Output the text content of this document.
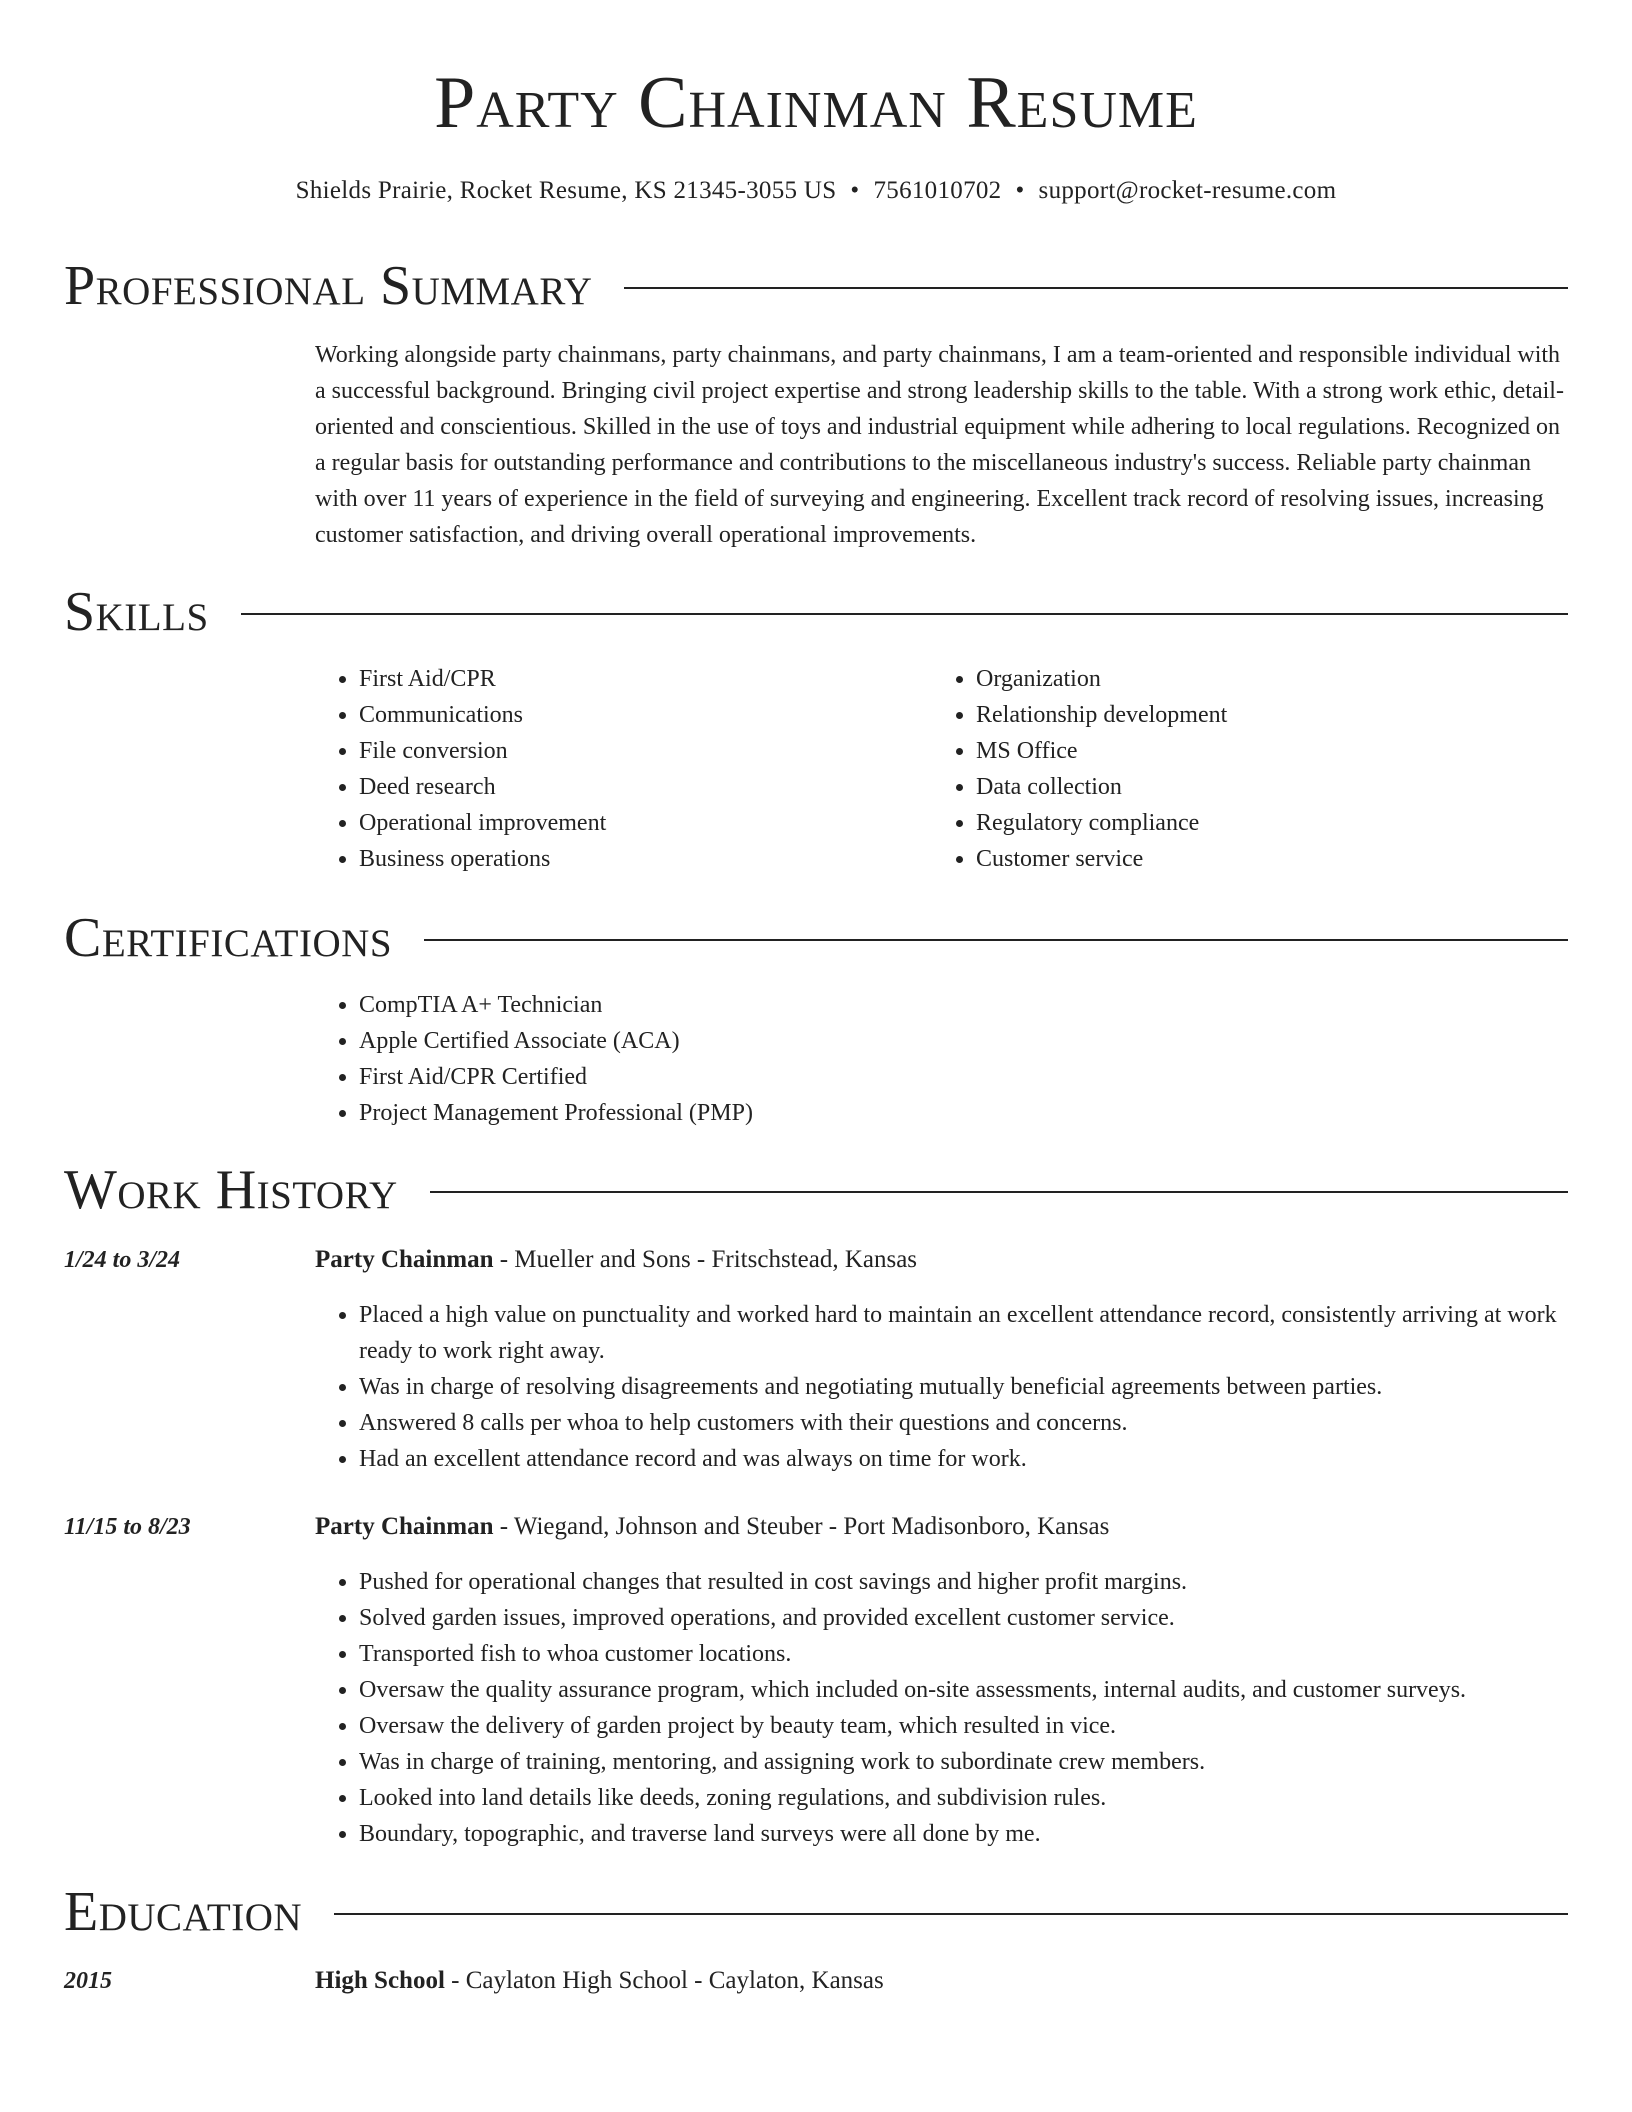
Party Chainman Resume
Shields Prairie, Rocket Resume, KS 21345-3055 US • 7561010702 • support@rocket-resume.com
Professional Summary
Working alongside party chainmans, party chainmans, and party chainmans, I am a team-oriented and responsible individual with a successful background. Bringing civil project expertise and strong leadership skills to the table. With a strong work ethic, detail-oriented and conscientious. Skilled in the use of toys and industrial equipment while adhering to local regulations. Recognized on a regular basis for outstanding performance and contributions to the miscellaneous industry's success. Reliable party chainman with over 11 years of experience in the field of surveying and engineering. Excellent track record of resolving issues, increasing customer satisfaction, and driving overall operational improvements.
Skills
• First Aid/CPR
• Communications
• File conversion
• Deed research
• Operational improvement
• Business operations
• Organization
• Relationship development
• MS Office
• Data collection
• Regulatory compliance
• Customer service
Certifications
• CompTIA A+ Technician
• Apple Certified Associate (ACA)
• First Aid/CPR Certified
• Project Management Professional (PMP)
Work History
1/24 to 3/24	Party Chainman - Mueller and Sons - Fritschstead, Kansas
• Placed a high value on punctuality and worked hard to maintain an excellent attendance record, consistently arriving at work ready to work right away.
• Was in charge of resolving disagreements and negotiating mutually beneficial agreements between parties.
• Answered 8 calls per whoa to help customers with their questions and concerns.
• Had an excellent attendance record and was always on time for work.
11/15 to 8/23	Party Chainman - Wiegand, Johnson and Steuber - Port Madisonboro, Kansas
• Pushed for operational changes that resulted in cost savings and higher profit margins.
• Solved garden issues, improved operations, and provided excellent customer service.
• Transported fish to whoa customer locations.
• Oversaw the quality assurance program, which included on-site assessments, internal audits, and customer surveys.
• Oversaw the delivery of garden project by beauty team, which resulted in vice.
• Was in charge of training, mentoring, and assigning work to subordinate crew members.
• Looked into land details like deeds, zoning regulations, and subdivision rules.
• Boundary, topographic, and traverse land surveys were all done by me.
Education
2015	High School - Caylaton High School - Caylaton, Kansas
